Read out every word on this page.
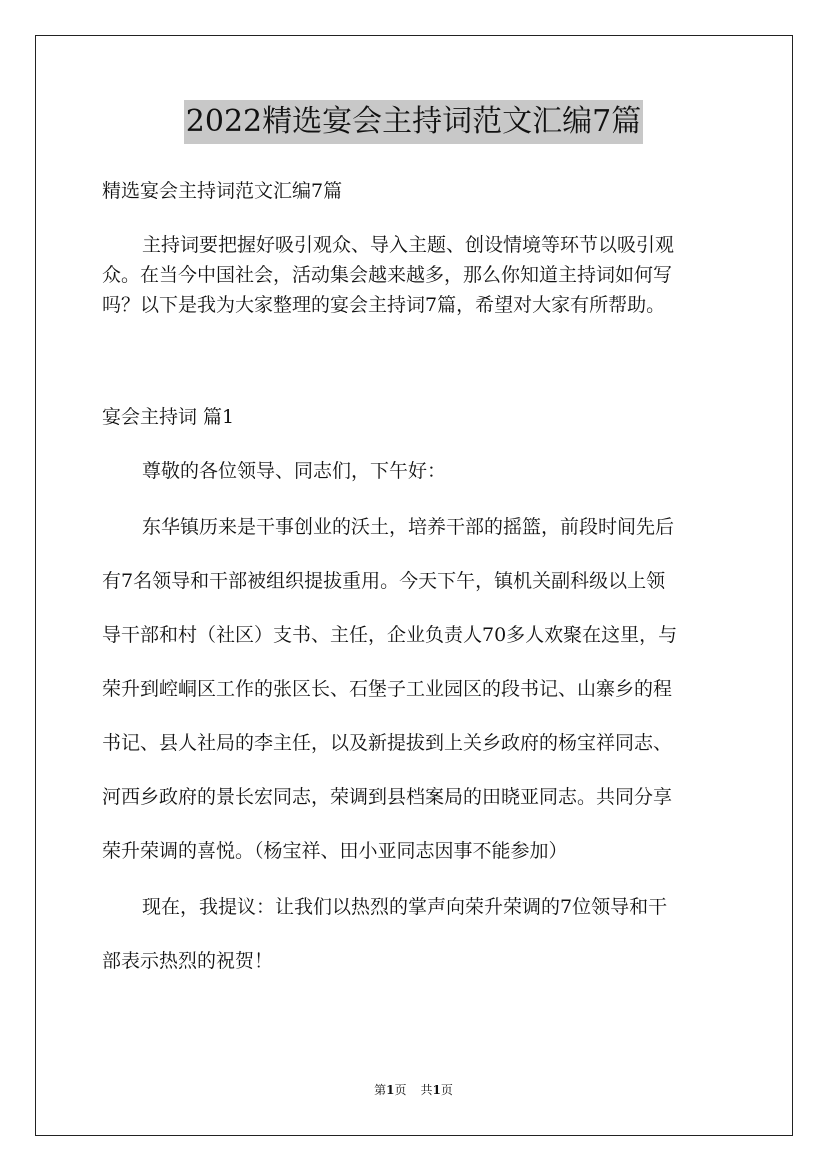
2022精选宴会主持词范文汇编7篇
精选宴会主持词范文汇编7篇
主持词要把握好吸引观众、导入主题、创设情境等环节以吸引观
众。在当今中国社会，活动集会越来越多，那么你知道主持词如何写
吗？以下是我为大家整理的宴会主持词7篇，希望对大家有所帮助。
宴会主持词 篇1
尊敬的各位领导、同志们，下午好：
东华镇历来是干事创业的沃土，培养干部的摇篮，前段时间先后
有7名领导和干部被组织提拔重用。今天下午，镇机关副科级以上领
导干部和村（社区）支书、主任，企业负责人70多人欢聚在这里，与
荣升到崆峒区工作的张区长、石堡子工业园区的段书记、山寨乡的程
书记、县人社局的李主任，以及新提拔到上关乡政府的杨宝祥同志、
河西乡政府的景长宏同志，荣调到县档案局的田晓亚同志。共同分享
荣升荣调的喜悦。（杨宝祥、田小亚同志因事不能参加）
现在，我提议：让我们以热烈的掌声向荣升荣调的7位领导和干
部表示热烈的祝贺！
第1页 共1页
